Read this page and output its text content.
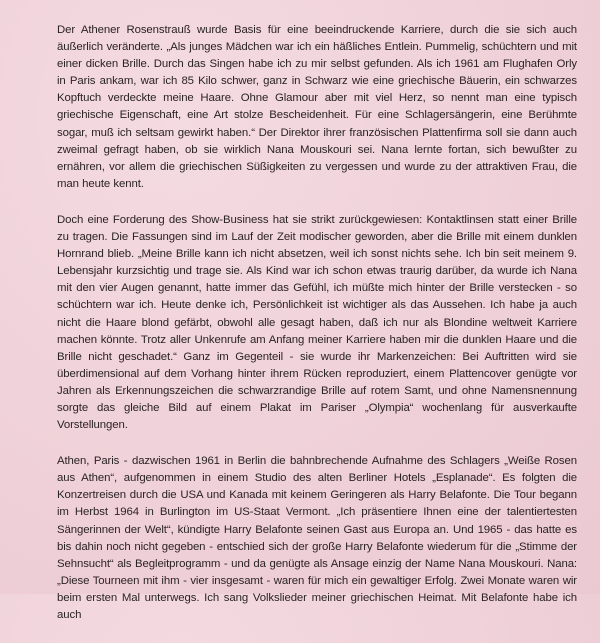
Der Athener Rosenstrauß wurde Basis für eine beeindruckende Karriere, durch die sie sich auch äußerlich veränderte. „Als junges Mädchen war ich ein häßliches Entlein. Pummelig, schüchtern und mit einer dicken Brille. Durch das Singen habe ich zu mir selbst gefunden. Als ich 1961 am Flughafen Orly in Paris ankam, war ich 85 Kilo schwer, ganz in Schwarz wie eine griechische Bäuerin, ein schwarzes Kopftuch verdeckte meine Haare. Ohne Glamour aber mit viel Herz, so nennt man eine typisch griechische Eigenschaft, eine Art stolze Bescheidenheit. Für eine Schlagersängerin, eine Berühmte sogar, muß ich seltsam gewirkt haben.“ Der Direktor ihrer französischen Plattenfirma soll sie dann auch zweimal gefragt haben, ob sie wirklich Nana Mouskouri sei. Nana lernte fortan, sich bewußter zu ernähren, vor allem die griechischen Süßigkeiten zu vergessen und wurde zu der attraktiven Frau, die man heute kennt.

Doch eine Forderung des Show-Business hat sie strikt zurückgewiesen: Kontaktlinsen statt einer Brille zu tragen. Die Fassungen sind im Lauf der Zeit modischer geworden, aber die Brille mit einem dunklen Hornrand blieb. „Meine Brille kann ich nicht absetzen, weil ich sonst nichts sehe. Ich bin seit meinem 9. Lebensjahr kurzsichtig und trage sie. Als Kind war ich schon etwas traurig darüber, da wurde ich Nana mit den vier Augen genannt, hatte immer das Gefühl, ich müßte mich hinter der Brille verstecken - so schüchtern war ich. Heute denke ich, Persönlichkeit ist wichtiger als das Aussehen. Ich habe ja auch nicht die Haare blond gefärbt, obwohl alle gesagt haben, daß ich nur als Blondine weltweit Karriere machen könnte. Trotz aller Unkenrufe am Anfang meiner Karriere haben mir die dunklen Haare und die Brille nicht geschadet.“ Ganz im Gegenteil - sie wurde ihr Markenzeichen: Bei Auftritten wird sie überdimensional auf dem Vorhang hinter ihrem Rücken reproduziert, einem Plattencover genügte vor Jahren als Erkennungszeichen die schwarzrandige Brille auf rotem Samt, und ohne Namensnennung sorgte das gleiche Bild auf einem Plakat im Pariser „Olympia“ wochenlang für ausverkaufte Vorstellungen.

Athen, Paris - dazwischen 1961 in Berlin die bahnbrechende Aufnahme des Schlagers „Weiße Rosen aus Athen“, aufgenommen in einem Studio des alten Berliner Hotels „Esplanade“. Es folgten die Konzertreisen durch die USA und Kanada mit keinem Geringeren als Harry Belafonte. Die Tour begann im Herbst 1964 in Burlington im US-Staat Vermont. „Ich präsentiere Ihnen eine der talentiertesten Sängerinnen der Welt“, kündigte Harry Belafonte seinen Gast aus Europa an. Und 1965 - das hatte es bis dahin noch nicht gegeben - entschied sich der große Harry Belafonte wiederum für die „Stimme der Sehnsucht“ als Begleitprogramm - und da genügte als Ansage einzig der Name Nana Mouskouri. Nana: „Diese Tourneen mit ihm - vier insgesamt - waren für mich ein gewaltiger Erfolg. Zwei Monate waren wir beim ersten Mal unterwegs. Ich sang Volkslieder meiner griechischen Heimat. Mit Belafonte habe ich auch
